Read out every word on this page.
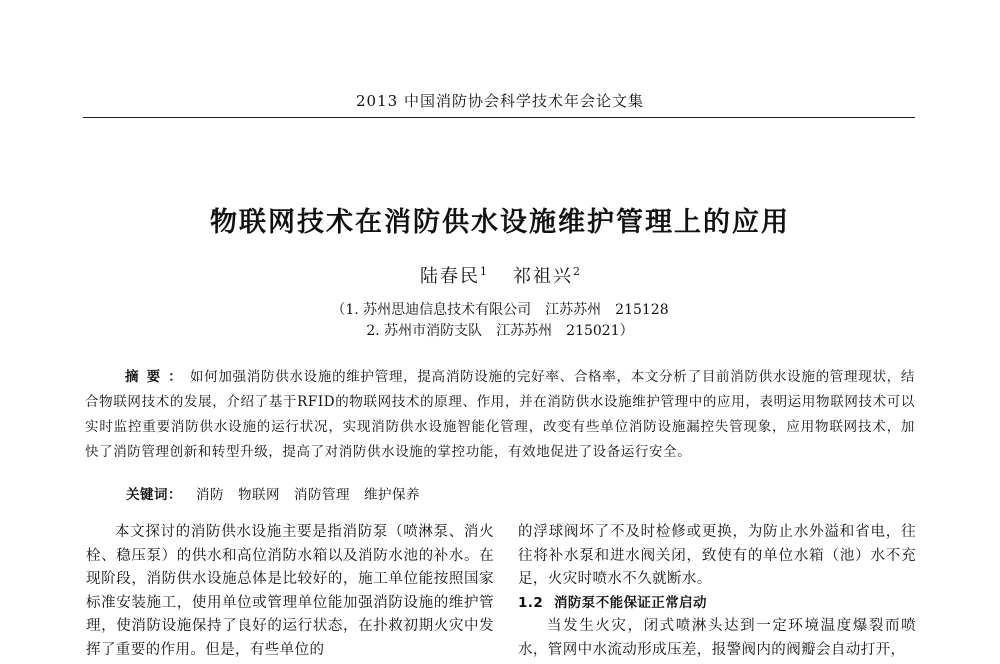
2013 中国消防协会科学技术年会论文集
物联网技术在消防供水设施维护管理上的应用
陆春民$^1$ 祁祖兴$^2$
（1. 苏州思迪信息技术有限公司　江苏苏州　215128
2. 苏州市消防支队　江苏苏州　215021）

摘要：如何加强消防供水设施的维护管理，提高消防设施的完好率、合格率，本文分析了目前消防供水设施的管理现状，结合物联网技术的发展，介绍了基于RFID的物联网技术的原理、作用，并在消防供水设施维护管理中的应用，表明运用物联网技术可以实时监控重要消防供水设施的运行状况，实现消防供水设施智能化管理，改变有些单位消防设施漏控失管现象，应用物联网技术，加快了消防管理创新和转型升级，提高了对消防供水设施的掌控功能，有效地促进了设备运行安全。

关键词： 消防 物联网 消防管理 维护保养

本文探讨的消防供水设施主要是指消防泵（喷淋泵、消火栓、稳压泵）的供水和高位消防水箱以及消防水池的补水。在现阶段，消防供水设施总体是比较好的，施工单位能按照国家标准安装施工，使用单位或管理单位能加强消防设施的维护管理，使消防设施保持了良好的运行状态，在扑救初期火灾中发挥了重要的作用。但是，有些单位的

的浮球阀坏了不及时检修或更换，为防止水外溢和省电，往往将补水泵和进水阀关闭，致使有的单位水箱（池）水不充足，火灾时喷水不久就断水。

1.2 消防泵不能保证正常启动

当发生火灾，闭式喷淋头达到一定环境温度爆裂而喷水，管网中水流动形成压差，报警阀内的阀瓣会自动打开，
